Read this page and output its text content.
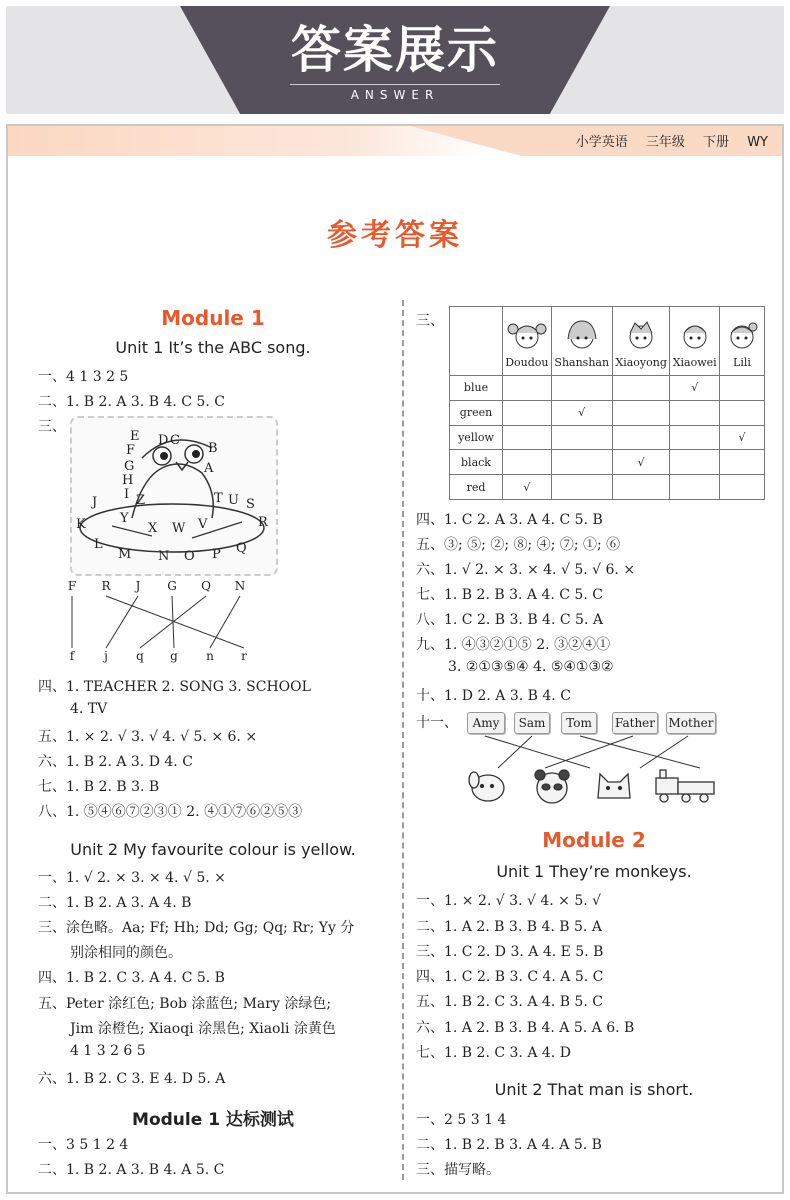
答案展示
ANSWER
小学英语 三年级 下册 WY
参考答案
Module 1
Unit 1 It’s the ABC song.
一、4 1 3 2 5
二、1. B 2. A 3. B 4. C 5. C
三、
E D C
B
F
G	A
H
I Z
J	T U S
K	Y
X W V	R
L
M N O P Q
F R J G Q N
f j q g n r
四、1. TEACHER 2. SONG 3. SCHOOL
4. TV
五、1. × 2. √ 3. √ 4. √ 5. × 6. ×
六、1. B 2. A 3. D 4. C
七、1. B 2. B 3. B
八、1. ⑤④⑥⑦②③① 2. ④①⑦⑥②⑤③
Unit 2 My favourite colour is yellow.
一、1. √ 2. × 3. × 4. √ 5. ×
二、1. B 2. A 3. A 4. B
三、涂色略。Aa; Ff; Hh; Dd; Gg; Qq; Rr; Yy 分
别涂相同的颜色。
四、1. B 2. C 3. A 4. C 5. B
五、Peter 涂红色; Bob 涂蓝色; Mary 涂绿色;
Jim 涂橙色; Xiaoqi 涂黑色; Xiaoli 涂黄色
4 1 3 2 6 5
六、1. B 2. C 3. E 4. D 5. A
Module 1 达标测试
一、3 5 1 2 4
二、1. B 2. A 3. B 4. A 5. C
三、

	Doudou	Shanshan	Xiaoyong	Xiaowei	Lili

blue				√	
green		√			
yellow					√
black			√		
red	√				
四、1. C 2. A 3. A 4. C 5. B
五、③; ⑤; ②; ⑧; ④; ⑦; ①; ⑥
六、1. √ 2. × 3. × 4. √ 5. √ 6. ×
七、1. B 2. B 3. A 4. C 5. C
八、1. C 2. B 3. B 4. C 5. A
九、1. ④③②①⑤ 2. ③②④①
3. ②①③⑤④ 4. ⑤④①③②
十、1. D 2. A 3. B 4. C
十一、	Amy	Sam	Tom	Father Mother
Module 2
Unit 1 They’re monkeys.
一、1. × 2. √ 3. √ 4. × 5. √
二、1. A 2. B 3. B 4. B 5. A
三、1. C 2. D 3. A 4. E 5. B
四、1. C 2. B 3. C 4. A 5. C
五、1. B 2. C 3. A 4. B 5. C
六、1. A 2. B 3. B 4. A 5. A 6. B
七、1. B 2. C 3. A 4. D
Unit 2 That man is short.
一、2 5 3 1 4
二、1. B 2. B 3. A 4. A 5. B
三、描写略。
